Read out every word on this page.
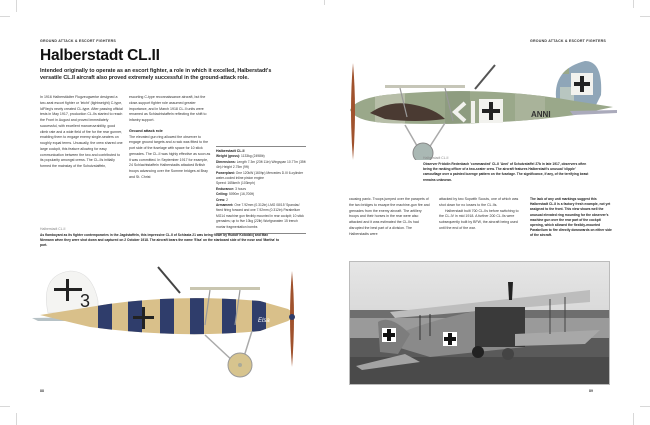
GROUND ATTACK & ESCORT FIGHTERS
Halberstadt CL.II
Intended originally to operate as an escort fighter, a role in which it excelled, Halberstadt's versatile CL.II aircraft also proved extremely successful in the ground-attack role.

In 1916 Halberstädter Flugzeugwerke designed a two-seat escort fighter or 'leicht' (lightweight) C-type, IdFlieg's newly created CL-type. After passing official tests in May 1917, production CL-IIs started to reach the Front in August and proved immediately successful, with excellent manoeuvrability, good climb rate and a wide field of fire for the rear gunner, enabling them to engage enemy single-seaters on roughly equal terms. Unusually, the crew shared one large cockpit, this feature allowing for easy communication between the two and contributed to its popularity amongst crews. The CL-IIs initially formed the mainstay of the Schutzstaffeln,

escorting C-type reconnaissance aircraft, but the close-support fighter role assumed greater importance, and in March 1918 CL-II units were renamed as Schlachtstaffeln reflecting the shift to infantry support.

Ground attack role

The elevated gun ring allowed the observer to engage ground targets and a rack was fitted to the port side of the fuselage with space for 10 stick grenades. The CL-II was highly effective as soon as it was committed. In September 1917 for example, 24 Schlachtstaffeln Halberstadts attacked British troops advancing over the Somme bridges at Bray and St. Christ

Halberstadt CL.II
Weight (gross): 1133kg (2498lb)
Dimensions: Length 7.3m (23ft 11in) Wingspan 10.77m (35ft 4in) Height 2.75m (9ft)
Powerplant: One 120kW (160hp) Mercedes D.III 6-cylinder water-cooled inline piston engine
Speed: 165km/h (103mph)
Endurance: 3 hours
Ceiling: 5090m (16,700ft)
Crew: 2
Armament: One 7.92mm (0.312in) LMG 08/15 'Spandau' fixed firing forward and one 7.92mm (0.312in) Parabellum MG14 machine gun flexibly mounted in rear cockpit; 10 stick grenades; up to five 10kg (22lb) Wurfgranaten 15 trench mortar fragmentation bombs
Halberstadt CL.II
As flamboyant as its fighter contemporaries in the Jagdstaffeln, this impressive CL.II of Schlasta 21 was being flown by Rudolf Kolodzicj and Max Niemann when they were shot down and captured on 2 October 1918. The aircraft bears the name 'Elsa' on the starboard side of the nose and 'Martha' to port.
3
Elsa
88
GROUND ATTACK & ESCORT FIGHTERS
ANNI
Halberstadt CL.II
Observer Fridolin Redenbach 'commanded' CL.II 'Anni' of Schutzstaffel 27b in late 1917, observers often being the ranking officer of a two-seater crew. The aircraft features Halberstadt's unusual 'clipple' camouflage over a painted lozenge pattern on the fuselage. The significance, if any, of the terrifying beast remains unknown.

causing panic. Troops jumped over the parapets of the two bridges to escape the machine-gun fire and grenades from the enemy aircraft. The artillery troops and their horses in the rear were also attacked and it was estimated the CL.IIs had disrupted the best part of a division. The Halberstadts were

attacked by two Sopwith Scouts, one of which was shot down for no losses to the CL.IIs.

Halberstadt built 700 CL-IIs before switching to the CL-IV in mid 1918. A further 200 CL.IIs were subsequently built by BFW, the aircraft being used until the end of the war.

The lack of any unit markings suggest this Halberstadt CL.II is a factory fresh example, not yet assigned to the front. This view shows well the unusual elevated ring mounting for the observer's machine gun over the rear part of the cockpit opening, which allowed the flexibly-mounted Parabellum to fire directly downwards on either side of the aircraft.
89
